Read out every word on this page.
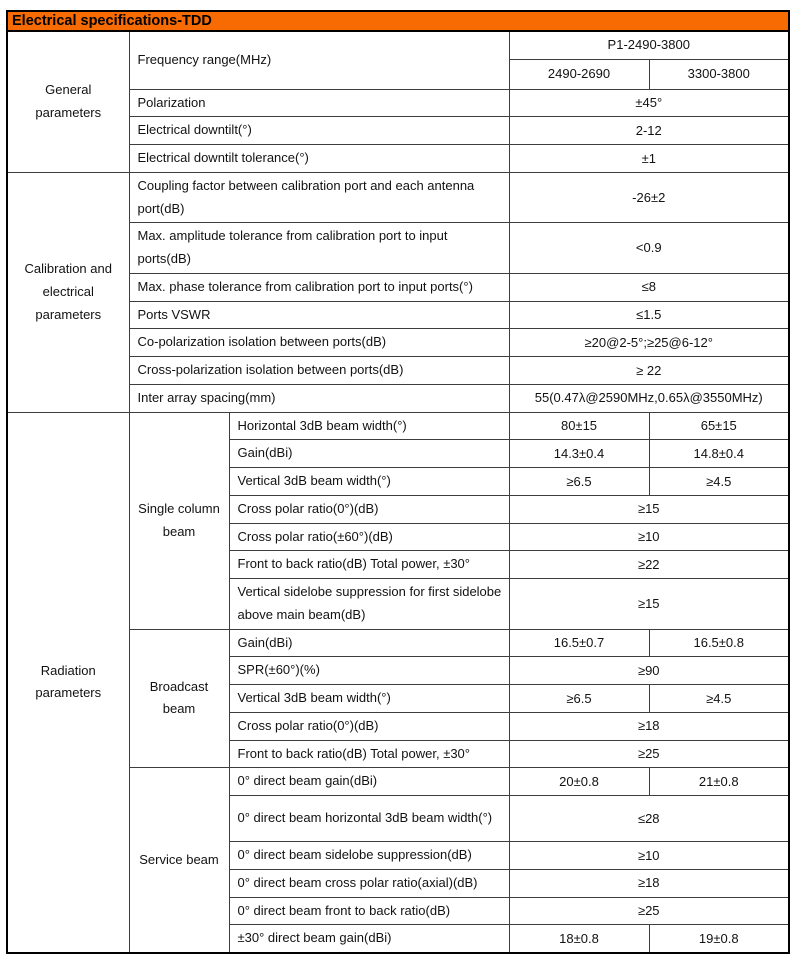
Electrical specifications-TDD				
General parameters	Frequency range(MHz)		P1-2490-3800	
			2490-2690	3300-3800
	Polarization		±45°	
	Electrical downtilt(°)		2-12	
	Electrical downtilt tolerance(°)		±1	
Calibration and electrical parameters	Coupling factor between calibration port and each antenna port(dB)		-26±2	
	Max. amplitude tolerance from calibration port to input ports(dB)		<0.9	
	Max. phase tolerance from calibration port to input ports(°)		≤8	
	Ports VSWR		≤1.5	
	Co-polarization isolation between ports(dB)		≥20@2-5°;≥25@6-12°	
	Cross-polarization isolation between ports(dB)		≥ 22	
	Inter array spacing(mm)		55(0.47λ@2590MHz,0.65λ@3550MHz)	
Radiation parameters	Single column beam	Horizontal 3dB beam width(°)	80±15	65±15
		Gain(dBi)	14.3±0.4	14.8±0.4
		Vertical 3dB beam width(°)	≥6.5	≥4.5
		Cross polar ratio(0°)(dB)	≥15	
		Cross polar ratio(±60°)(dB)	≥10	
		Front to back ratio(dB) Total power, ±30°	≥22	
		Vertical sidelobe suppression for first sidelobe above main beam(dB)	≥15	
	Broadcast beam	Gain(dBi)	16.5±0.7	16.5±0.8
		SPR(±60°)(%)	≥90	
		Vertical 3dB beam width(°)	≥6.5	≥4.5
		Cross polar ratio(0°)(dB)	≥18	
		Front to back ratio(dB) Total power, ±30°	≥25	
	Service beam	0° direct beam gain(dBi)	20±0.8	21±0.8
		0° direct beam horizontal 3dB beam width(°)	≤28	
		0° direct beam sidelobe suppression(dB)	≥10	
		0° direct beam cross polar ratio(axial)(dB)	≥18	
		0° direct beam front to back ratio(dB)	≥25	
		±30° direct beam gain(dBi)	18±0.8	19±0.8
